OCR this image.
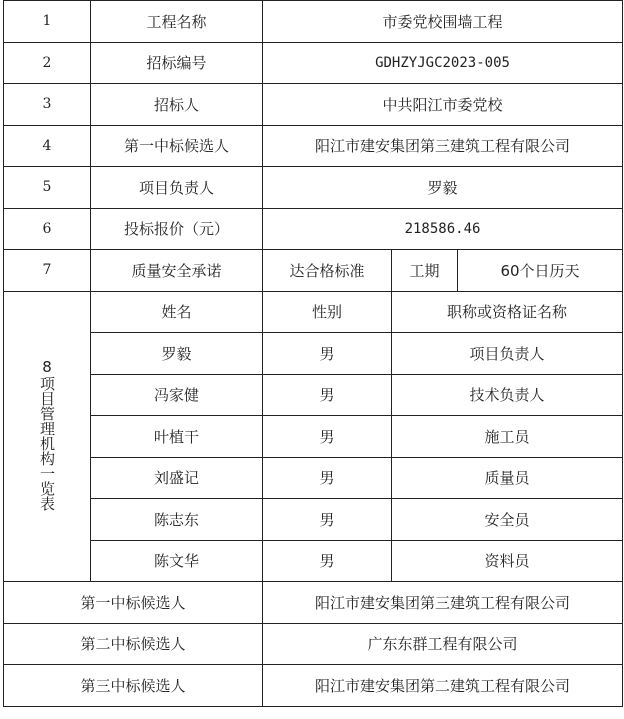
1	工程名称	市委党校围墙工程		
2	招标编号	GDHZYJGC2023-005		
3	招标人	中共阳江市委党校		
4	第一中标候选人	阳江市建安集团第三建筑工程有限公司		
5	项目负责人	罗毅		
6	投标报价（元）	218586.46		
7	质量安全承诺	达合格标准	工期	60个日历天
8项目管理机构一览表	姓名	性别	职称或资格证名称	
	罗毅	男	项目负责人	
	冯家健	男	技术负责人	
	叶植干	男	施工员	
	刘盛记	男	质量员	
	陈志东	男	安全员	
	陈文华	男	资料员	
第一中标候选人		阳江市建安集团第三建筑工程有限公司		
第二中标候选人		广东东群工程有限公司		
第三中标候选人		阳江市建安集团第二建筑工程有限公司		
